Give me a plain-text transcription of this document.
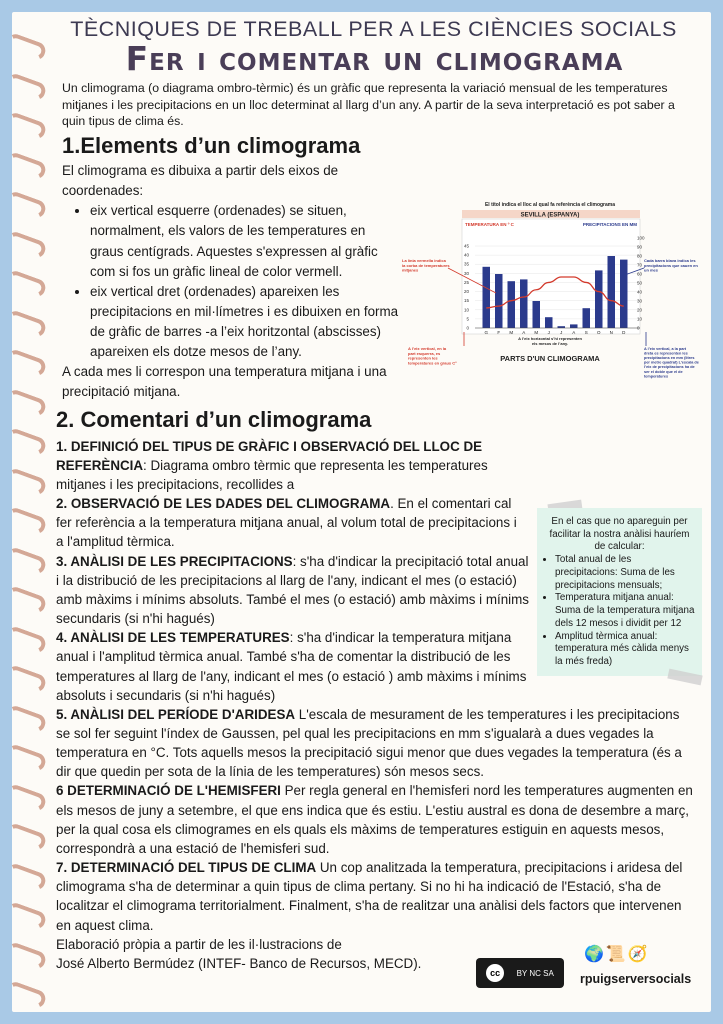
TÈCNIQUES DE TREBALL PER A LES CIÈNCIES SOCIALS
Fer i comentar un climograma

Un climograma (o diagrama ombro-tèrmic) és un gràfic que representa la variació mensual de les temperatures mitjanes i les precipitacions en un lloc determinat al llarg d’un any. A partir de la seva interpretació es pot saber a quin tipus de clima és.

1.Elements d’un climograma

El climograma es dibuixa a partir dels eixos de coordenades:

• eix vertical esquerre (ordenades) se situen, normalment, els valors de les temperatures en graus centígrads. Aquestes s'expressen al gràfic com si fos un gràfic lineal de color vermell.
• eix vertical dret (ordenades) apareixen les precipitacions en mil·límetres i es dibuixen en forma de gràfic de barres -a l’eix horitzontal (abscisses) apareixen els dotze mesos de l’any.

A cada mes li correspon una temperatura mitjana i una precipitació mitjana.

2. Comentari d’un climograma

1. DEFINICIÓ DEL TIPUS DE GRÀFIC I OBSERVACIÓ DEL LLOC DE REFERÈNCIA: Diagrama ombro tèrmic que representa les temperatures mitjanes i les precipitacions, recollides a

2. OBSERVACIÓ DE LES DADES DEL CLIMOGRAMA. En el comentari cal fer referència a la temperatura mitjana anual, al volum total de precipitacions i a l'amplitud tèrmica.

3. ANÀLISI DE LES PRECIPITACIONS: s'ha d'indicar la precipitació total anual i la distribució de les precipitacions al llarg de l'any, indicant el mes (o estació) amb màxims i mínims absoluts. També el mes (o estació) amb màxims i mínims secundaris (si n'hi hagués)

4. ANÀLISI DE LES TEMPERATURES: s'ha d'indicar la temperatura mitjana anual i l'amplitud tèrmica anual. També s'ha de comentar la distribució de les temperatures al llarg de l'any, indicant el mes (o estació ) amb màxims i mínims absoluts i secundaris (si n'hi hagués)

5. ANÀLISI DEL PERÍODE D'ARIDESA L'escala de mesurament de les temperatures i les precipitacions se sol fer seguint l'índex de Gaussen, pel qual les precipitacions en mm s'igualarà a dues vegades la temperatura en °C. Tots aquells mesos la precipitació sigui menor que dues vegades la temperatura (és a dir que quedin per sota de la línia de les temperatures) són mesos secs.

6 DETERMINACIÓ DE L'HEMISFERI Per regla general en l'hemisferi nord les temperatures augmenten en els mesos de juny a setembre, el que ens indica que és estiu. L'estiu austral es dona de desembre a març, per la qual cosa els climogrames en els quals els màxims de temperatures estiguin en aquests mesos, correspondrà a una estació de l'hemisferi sud.

7. DETERMINACIÓ DEL TIPUS DE CLIMA Un cop analitzada la temperatura, precipitacions i aridesa del climograma s'ha de determinar a quin tipus de clima pertany. Si no hi ha indicació de l'Estació, s'ha de localitzar el climograma territorialment. Finalment, s'ha de realitzar una anàlisi dels factors que intervenen en aquest clima.

Elaboració pròpia a partir de les il·lustracions de

José Alberto Bermúdez (INTEF- Banco de Recursos, MECD).

El títol indica el lloc al qual fa referència el climograma
SEVILLA (ESPANYA)
TEMPERATURA EN º C	PRECIPITACIONS EN MM
45
40
35
30
25
20
15
10
5
0
100
90
80
70
60
50
40
30
20
10
0
G F M A M J J A S O N D
La línia vermella indica la corba de temperatures mitjanes
Cada barra blava indica les precipitacions que cauen en un mes
A l’eix vertical, en la part esquerra, es representen les temperatures en graus C°
A l’eix horizontal s’hi representen els mesos de l’any.
A l’eix vertical, a la part dreta es representen les precipitacions en mm (litres per metre quadrat) L’escala de l’eix de precipitacions ha de ser el doble que el de temperatures
PARTS D'UN CLIMOGRAMA

En el cas que no apareguin per facilitar la nostra anàlisi haurίem de calcular:

• Total anual de les precipitacions: Suma de les precipitacions mensuals;
• Temperatura mitjana anual: Suma de la temperatura mitjana dels 12 mesos i dividit per 12
• Amplitud tèrmica anual: temperatura més càlida menys la més freda)
cc	BY NC SA
🌍📜🧭
rpuigserversocials
